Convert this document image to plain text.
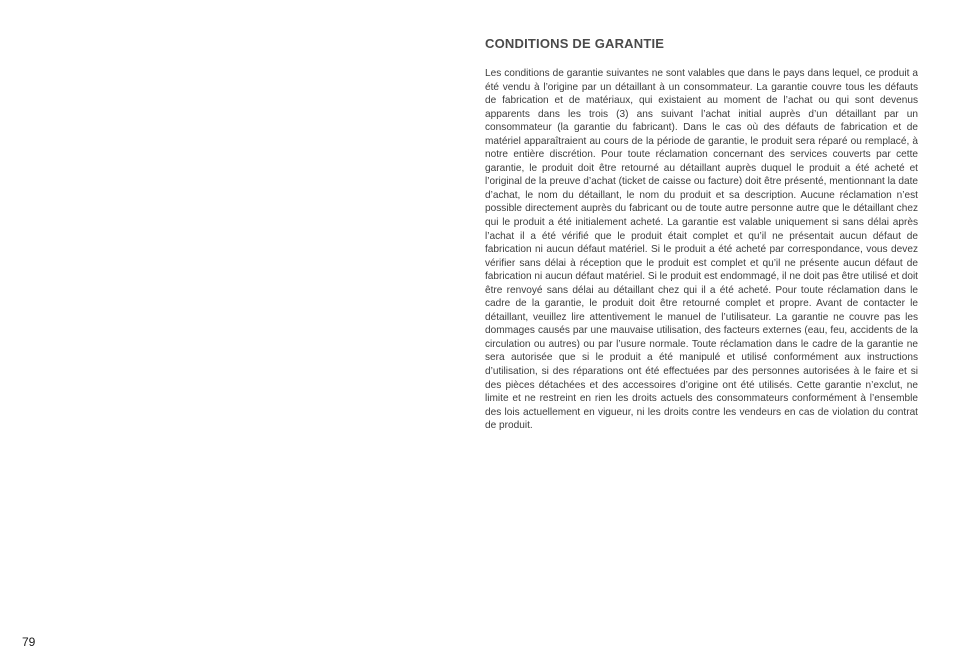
CONDITIONS DE GARANTIE

Les conditions de garantie suivantes ne sont valables que dans le pays dans lequel, ce produit a été vendu à l’origine par un détaillant à un consommateur. La garantie couvre tous les défauts de fabrication et de matériaux, qui existaient au moment de l’achat ou qui sont devenus apparents dans les trois (3) ans suivant l’achat initial auprès d’un détaillant par un consommateur (la garantie du fabricant). Dans le cas où des défauts de fabrication et de matériel apparaîtraient au cours de la période de garantie, le produit sera réparé ou remplacé, à notre entière discrétion. Pour toute réclamation concernant des services couverts par cette garantie, le produit doit être retourné au détaillant auprès duquel le produit a été acheté et l’original de la preuve d’achat (ticket de caisse ou facture) doit être présenté, mentionnant la date d’achat, le nom du détaillant, le nom du produit et sa description. Aucune réclamation n’est possible directement auprès du fabricant ou de toute autre personne autre que le détaillant chez qui le produit a été initialement acheté. La garantie est valable uniquement si sans délai après l’achat il a été vérifié que le produit était complet et qu’il ne présentait aucun défaut de fabrication ni aucun défaut matériel. Si le produit a été acheté par correspondance, vous devez vérifier sans délai à réception que le produit est complet et qu’il ne présente aucun défaut de fabrication ni aucun défaut matériel. Si le produit est endommagé, il ne doit pas être utilisé et doit être renvoyé sans délai au détaillant chez qui il a été acheté. Pour toute réclamation dans le cadre de la garantie, le produit doit être retourné complet et propre. Avant de contacter le détaillant, veuillez lire attentivement le manuel de l’utilisateur. La garantie ne couvre pas les dommages causés par une mauvaise utilisation, des facteurs externes (eau, feu, accidents de la circulation ou autres) ou par l’usure normale. Toute réclamation dans le cadre de la garantie ne sera autorisée que si le produit a été manipulé et utilisé conformément aux instructions d’utilisation, si des réparations ont été effectuées par des personnes autorisées à le faire et si des pièces détachées et des accessoires d’origine ont été utilisés. Cette garantie n’exclut, ne limite et ne restreint en rien les droits actuels des consommateurs conformément à l’ensemble des lois actuellement en vigueur, ni les droits contre les vendeurs en cas de violation du contrat de produit.

79
